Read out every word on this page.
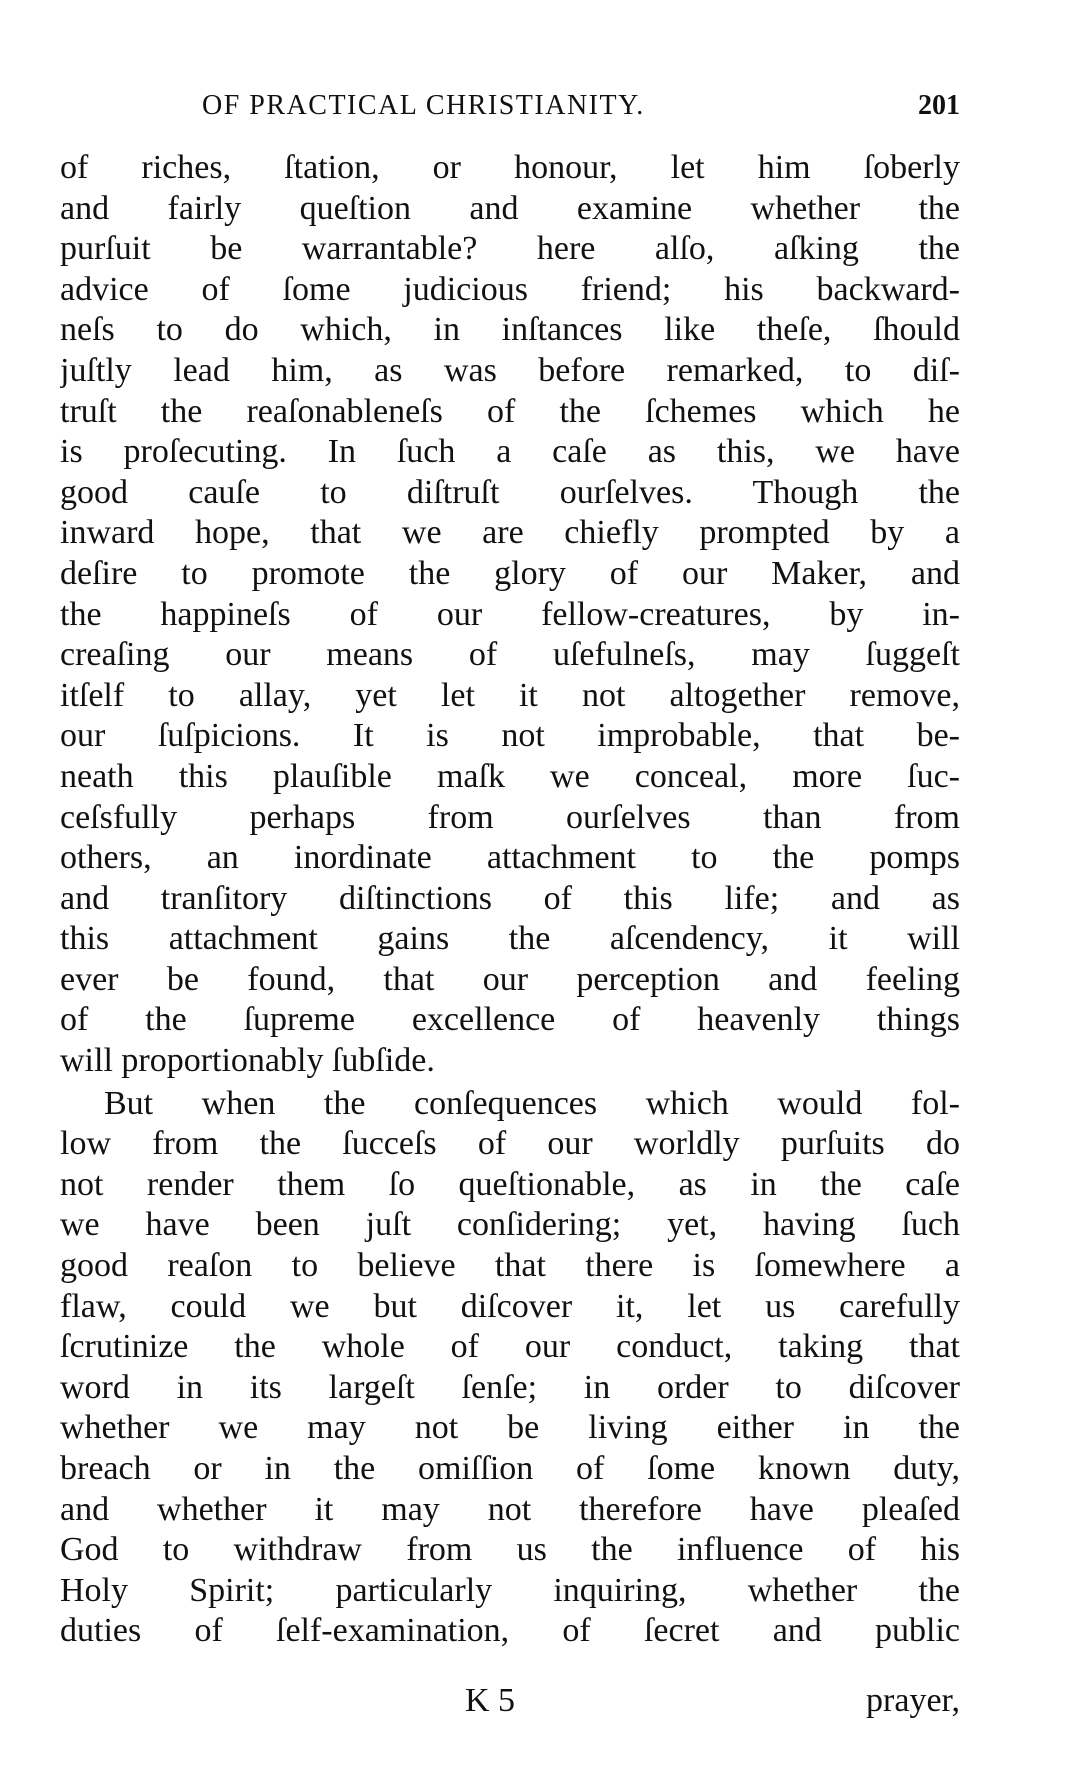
OF PRACTICAL CHRISTIANITY.	201
of riches, ſtation, or honour, let him ſoberly
and fairly queſtion and examine whether the
purſuit be warrantable? here alſo, aſking the
advice of ſome judicious friend; his backward-
neſs to do which, in inſtances like theſe, ſhould
juſtly lead him, as was before remarked, to diſ-
truſt the reaſonableneſs of the ſchemes which he
is proſecuting. In ſuch a caſe as this, we have
good cauſe to diſtruſt ourſelves. Though the
inward hope, that we are chiefly prompted by a
deſire to promote the glory of our Maker, and
the happineſs of our fellow-creatures, by in-
creaſing our means of uſefulneſs, may ſuggeſt
itſelf to allay, yet let it not altogether remove,
our ſuſpicions. It is not improbable, that be-
neath this plauſible maſk we conceal, more ſuc-
ceſsfully perhaps from ourſelves than from
others, an inordinate attachment to the pomps
and tranſitory diſtinctions of this life; and as
this attachment gains the aſcendency, it will
ever be found, that our perception and feeling
of the ſupreme excellence of heavenly things
will proportionably ſubſide.
But when the conſequences which would fol-
low from the ſucceſs of our worldly purſuits do
not render them ſo queſtionable, as in the caſe
we have been juſt conſidering; yet, having ſuch
good reaſon to believe that there is ſomewhere a
flaw, could we but diſcover it, let us carefully
ſcrutinize the whole of our conduct, taking that
word in its largeſt ſenſe; in order to diſcover
whether we may not be living either in the
breach or in the omiſſion of ſome known duty,
and whether it may not therefore have pleaſed
God to withdraw from us the influence of his
Holy Spirit; particularly inquiring, whether the
duties of ſelf-examination, of ſecret and public
K 5	prayer,
